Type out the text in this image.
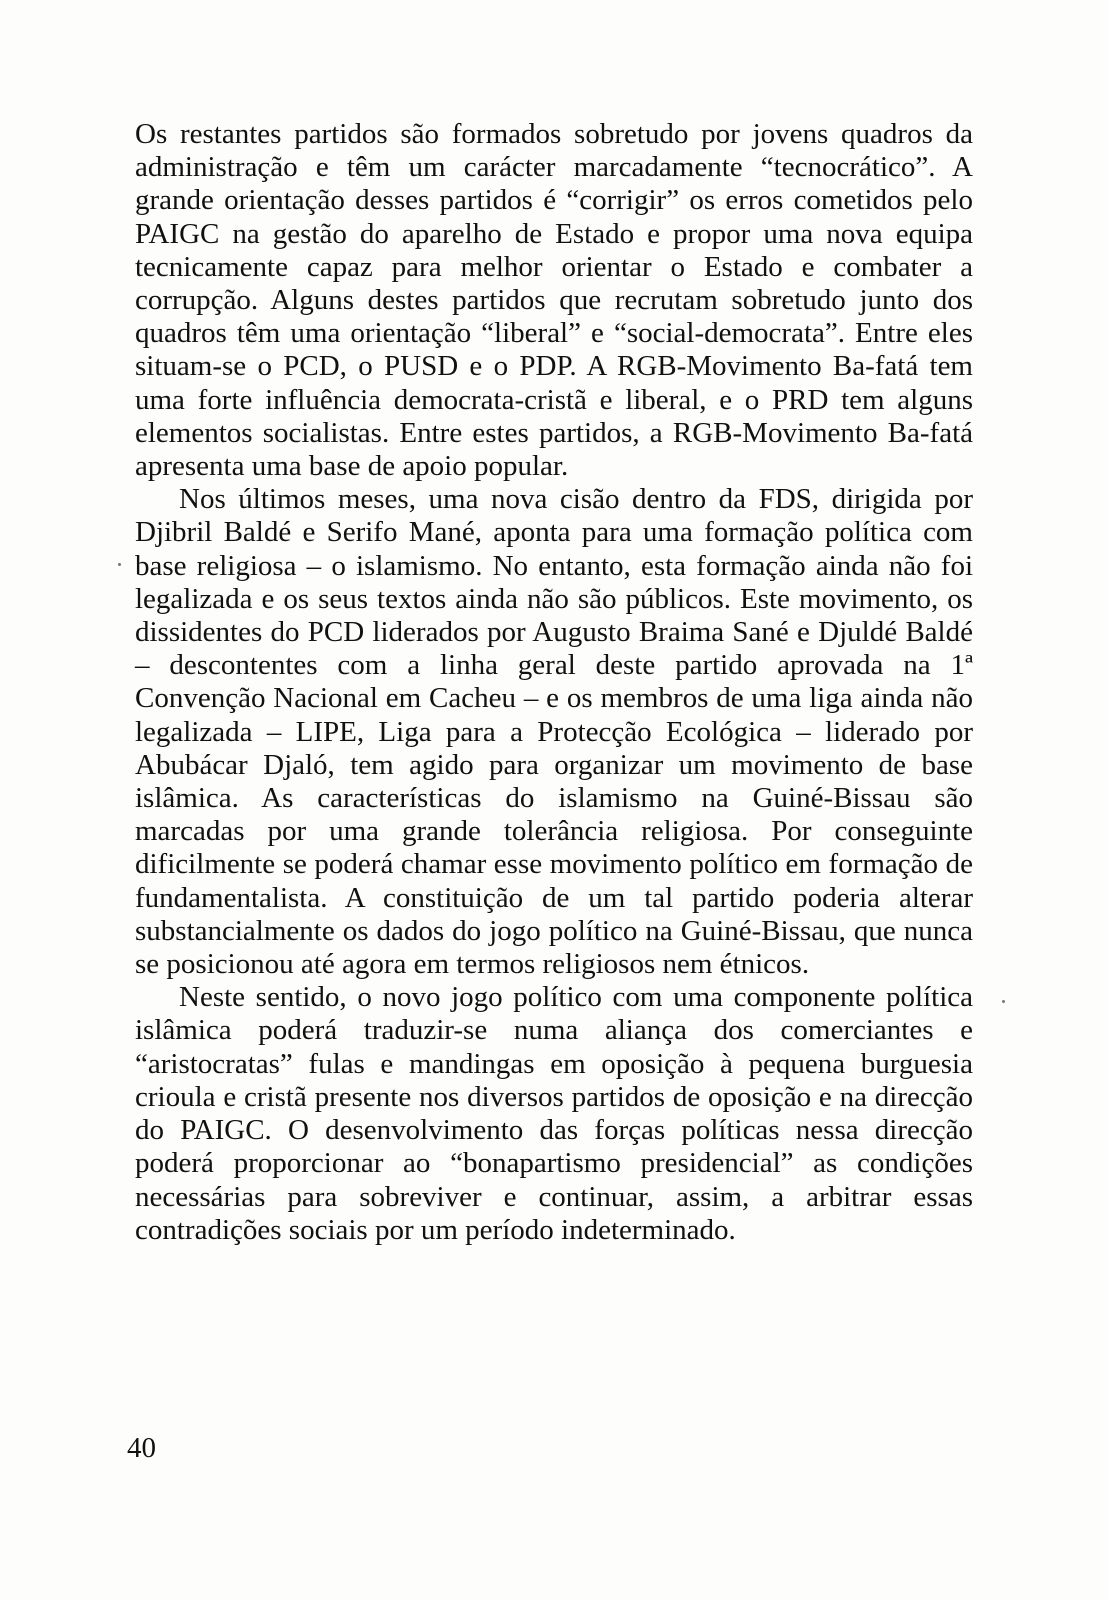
Os restantes partidos são formados sobretudo por jovens quadros da administração e têm um carácter marcadamente “tecnocrático”. A grande orientação desses partidos é “corrigir” os erros cometidos pelo PAIGC na gestão do aparelho de Estado e propor uma nova equipa tecnicamente capaz para melhor orientar o Estado e combater a corrupção. Alguns destes partidos que recrutam sobretudo junto dos quadros têm uma orientação “liberal” e “social-democrata”. Entre eles situam-se o PCD, o PUSD e o PDP. A RGB-Movimento Ba-fatá tem uma forte influência democrata-cristã e liberal, e o PRD tem alguns elementos socialistas. Entre estes partidos, a RGB-Movimento Ba-fatá apresenta uma base de apoio popular.

Nos últimos meses, uma nova cisão dentro da FDS, dirigida por Djibril Baldé e Serifo Mané, aponta para uma formação política com base religiosa – o islamismo. No entanto, esta formação ainda não foi legalizada e os seus textos ainda não são públicos. Este movimento, os dissidentes do PCD liderados por Augusto Braima Sané e Djuldé Baldé – descontentes com a linha geral deste partido aprovada na 1ª Convenção Nacional em Cacheu – e os membros de uma liga ainda não legalizada – LIPE, Liga para a Protecção Ecológica – liderado por Abubácar Djaló, tem agido para organizar um movimento de base islâmica. As características do islamismo na Guiné-Bissau são marcadas por uma grande tolerância religiosa. Por conseguinte dificilmente se poderá chamar esse movimento político em formação de fundamentalista. A constituição de um tal partido poderia alterar substancialmente os dados do jogo político na Guiné-Bissau, que nunca se posicionou até agora em termos religiosos nem étnicos.

Neste sentido, o novo jogo político com uma componente política islâmica poderá traduzir-se numa aliança dos comerciantes e “aristocratas” fulas e mandingas em oposição à pequena burguesia crioula e cristã presente nos diversos partidos de oposição e na direcção do PAIGC. O desenvolvimento das forças políticas nessa direcção poderá proporcionar ao “bonapartismo presidencial” as condições necessárias para sobreviver e continuar, assim, a arbitrar essas contradições sociais por um período indeterminado.

40
